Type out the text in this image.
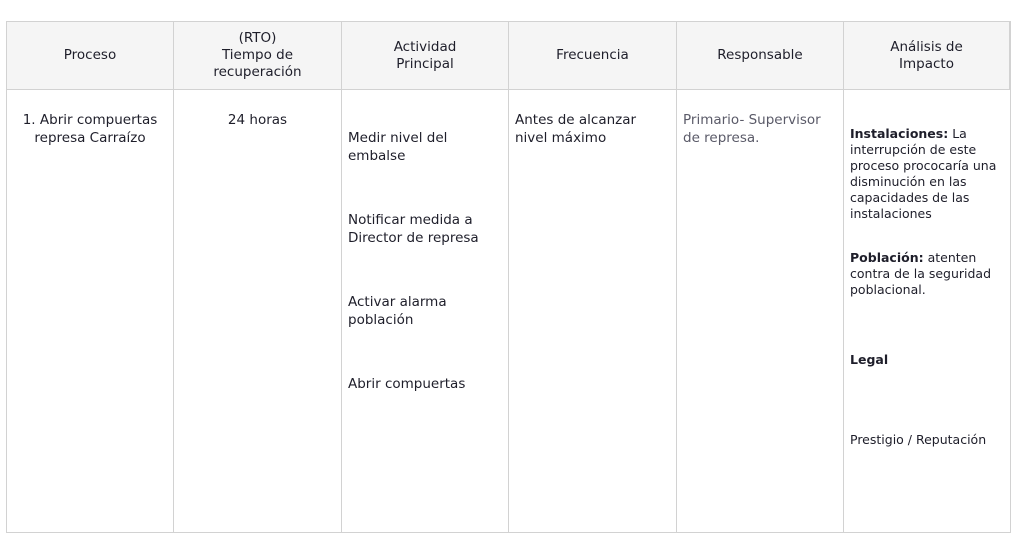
Proceso
(RTO)
Tiempo de
recuperación
Actividad
Principal
Frecuencia	Responsable
Análisis de
Impacto
1. Abrir compuertas
represa Carraízo
24 horas

Medir nivel del
embalse

Notificar medida a
Director de represa

Activar alarma
población

Abrir compuertas

Antes de alcanzar
nivel máximo
Primario- Supervisor
de represa.	Instalaciones: La interrupción de este proceso prococaría una disminución en las capacidades de las instalaciones

Población: atenten contra de la seguridad poblacional.

Legal

Prestigio / Reputación
